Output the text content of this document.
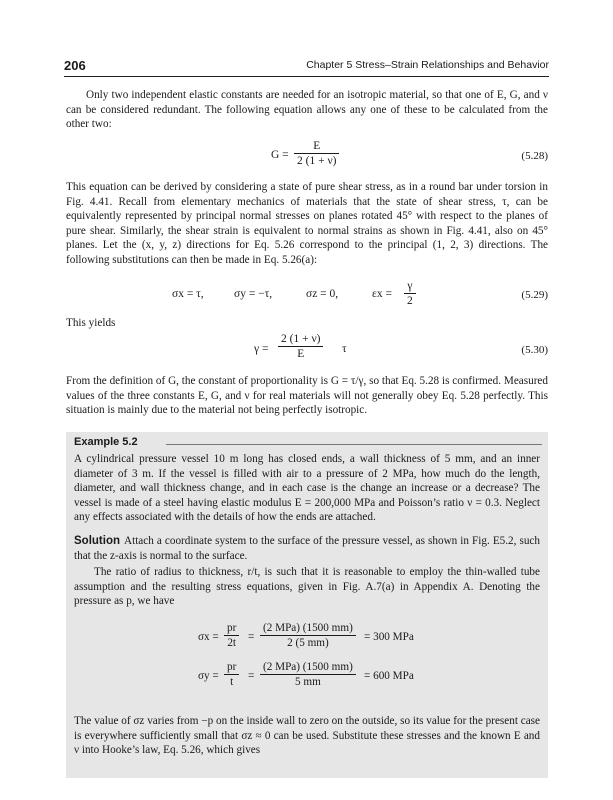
206	Chapter 5 Stress–Strain Relationships and Behavior
Only two independent elastic constants are needed for an isotropic material, so that one of E, G, and ν can be considered redundant. The following equation allows any one of these to be calculated from the other two:
$G = \frac{E}{2 (1 + \nu)}$	(5.28)
This equation can be derived by considering a state of pure shear stress, as in a round bar under torsion in Fig. 4.41. Recall from elementary mechanics of materials that the state of shear stress, τ, can be equivalently represented by principal normal stresses on planes rotated 45° with respect to the planes of pure shear. Similarly, the shear strain is equivalent to normal strains as shown in Fig. 4.41, also on 45° planes. Let the (x, y, z) directions for Eq. 5.26 correspond to the principal (1, 2, 3) directions. The following substitutions can then be made in Eq. 5.26(a):
σx = τ,	σy = −τ,	σz = 0,	$\varepsilon x = \frac{\gamma}{2}$	(5.29)
This yields
$\gamma = \frac{2 (1 + \nu)}{E}$ τ	(5.30)
From the definition of G, the constant of proportionality is G = τ/γ, so that Eq. 5.28 is confirmed. Measured values of the three constants E, G, and ν for real materials will not generally obey Eq. 5.28 perfectly. This situation is mainly due to the material not being perfectly isotropic.
Example 5.2
A cylindrical pressure vessel 10 m long has closed ends, a wall thickness of 5 mm, and an inner diameter of 3 m. If the vessel is filled with air to a pressure of 2 MPa, how much do the length, diameter, and wall thickness change, and in each case is the change an increase or a decrease? The vessel is made of a steel having elastic modulus E = 200,000 MPa and Poisson’s ratio ν = 0.3. Neglect any effects associated with the details of how the ends are attached.
Solution Attach a coordinate system to the surface of the pressure vessel, as shown in Fig. E5.2, such that the z-axis is normal to the surface.
The ratio of radius to thickness, r/t, is such that it is reasonable to employ the thin-walled tube assumption and the resulting stress equations, given in Fig. A.7(a) in Appendix A. Denoting the pressure as p, we have
$\sigma x = \frac{pr}{2t}$ =
(2 MPa) (1500 mm)
2 (5 mm)	= 300 MPa
$\sigma y = \frac{pr}{t}$ =
(2 MPa) (1500 mm)
5 mm	= 600 MPa
The value of σz varies from −p on the inside wall to zero on the outside, so its value for the present case is everywhere sufficiently small that σz ≈ 0 can be used. Substitute these stresses and the known E and ν into Hooke’s law, Eq. 5.26, which gives
